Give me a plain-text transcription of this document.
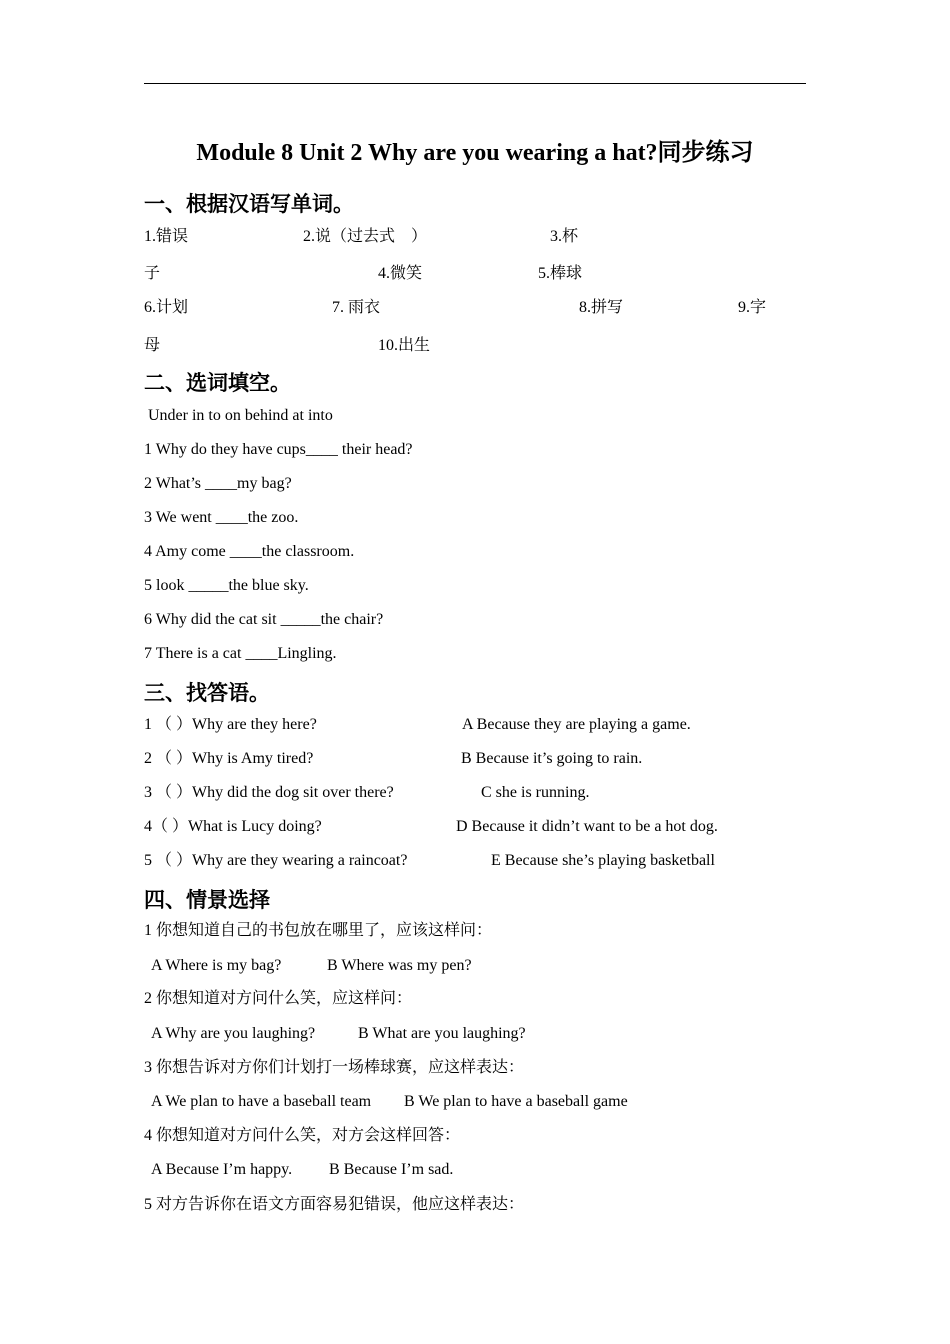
Module 8 Unit 2 Why are you wearing a hat?同步练习
一、根据汉语写单词。
1.错误	2.说（过去式　）	3.杯
子	4.微笑	5.棒球
6.计划	7. 雨衣	8.拼写	9.字
母	10.出生
二、选词填空。
Under in to on behind at into
1 Why do they have cups____ their head?
2 What’s ____my bag?
3 We went ____the zoo.
4 Amy come ____the classroom.
5 look _____the blue sky.
6 Why did the cat sit _____the chair?
7 There is a cat ____Lingling.
三、找答语。
1 （ ）Why are they here?	A Because they are playing a game.
2 （ ）Why is Amy tired?	B Because it’s going to rain.
3 （ ）Why did the dog sit over there?	C she is running.
4（ ）What is Lucy doing?	D Because it didn’t want to be a hot dog.
5 （ ）Why are they wearing a raincoat?	E Because she’s playing basketball
四、情景选择
1 你想知道自己的书包放在哪里了，应该这样问：
A Where is my bag?	B Where was my pen?
2 你想知道对方问什么笑，应这样问：
A Why are you laughing?	B What are you laughing?
3 你想告诉对方你们计划打一场棒球赛，应这样表达：
A We plan to have a baseball team B We plan to have a baseball game
4 你想知道对方问什么笑，对方会这样回答：
A Because I’m happy. B Because I’m sad.
5 对方告诉你在语文方面容易犯错误，他应这样表达：
